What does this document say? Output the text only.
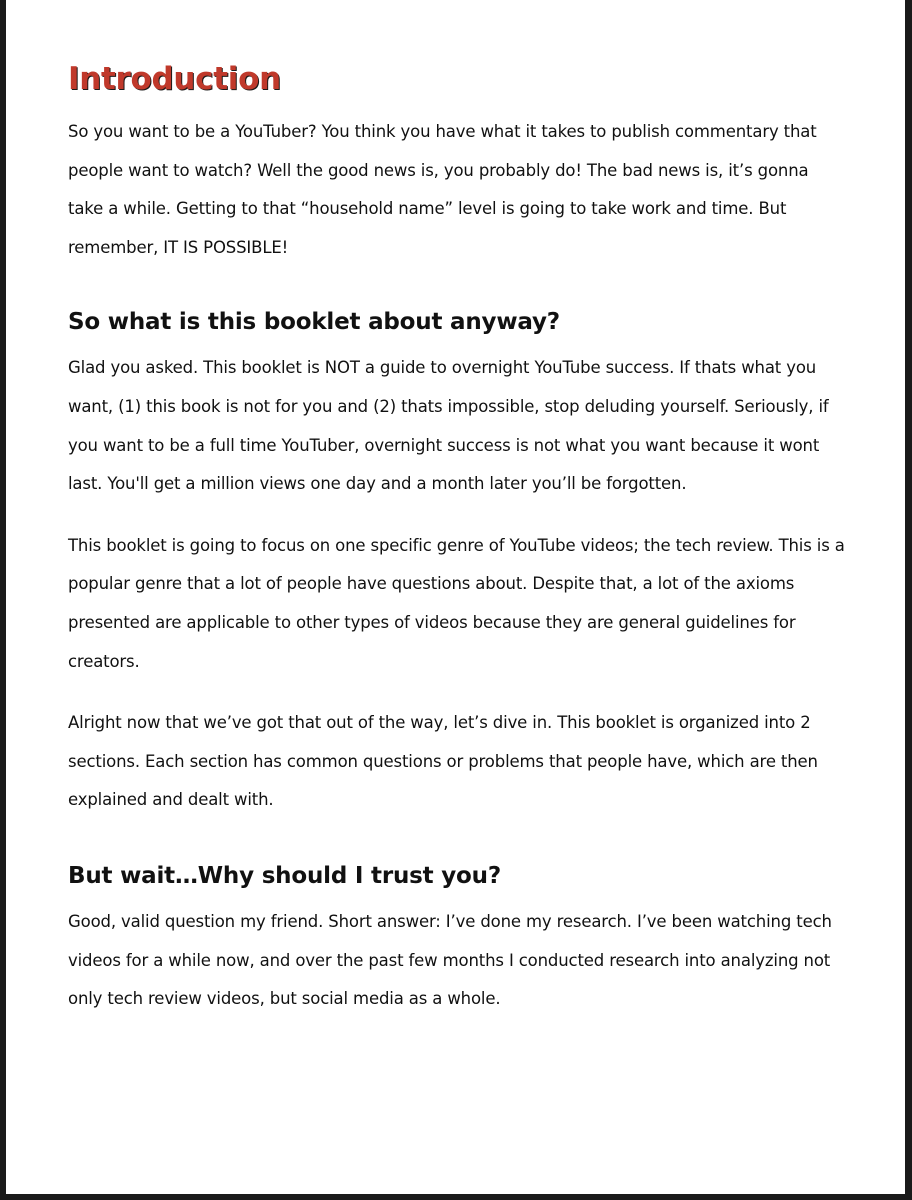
Introduction

So you want to be a YouTuber? You think you have what it takes to publish commentary that people want to watch? Well the good news is, you probably do! The bad news is, it’s gonna take a while. Getting to that “household name” level is going to take work and time. But remember, IT IS POSSIBLE!

So what is this booklet about anyway?

Glad you asked. This booklet is NOT a guide to overnight YouTube success. If thats what you want, (1) this book is not for you and (2) thats impossible, stop deluding yourself. Seriously, if you want to be a full time YouTuber, overnight success is not what you want because it wont last. You'll get a million views one day and a month later you’ll be forgotten.

This booklet is going to focus on one specific genre of YouTube videos; the tech review. This is a popular genre that a lot of people have questions about. Despite that, a lot of the axioms presented are applicable to other types of videos because they are general guidelines for creators.

Alright now that we’ve got that out of the way, let’s dive in. This booklet is organized into 2 sections. Each section has common questions or problems that people have, which are then explained and dealt with.

But wait…Why should I trust you?

Good, valid question my friend. Short answer: I’ve done my research. I’ve been watching tech videos for a while now, and over the past few months I conducted research into analyzing not only tech review videos, but social media as a whole.
